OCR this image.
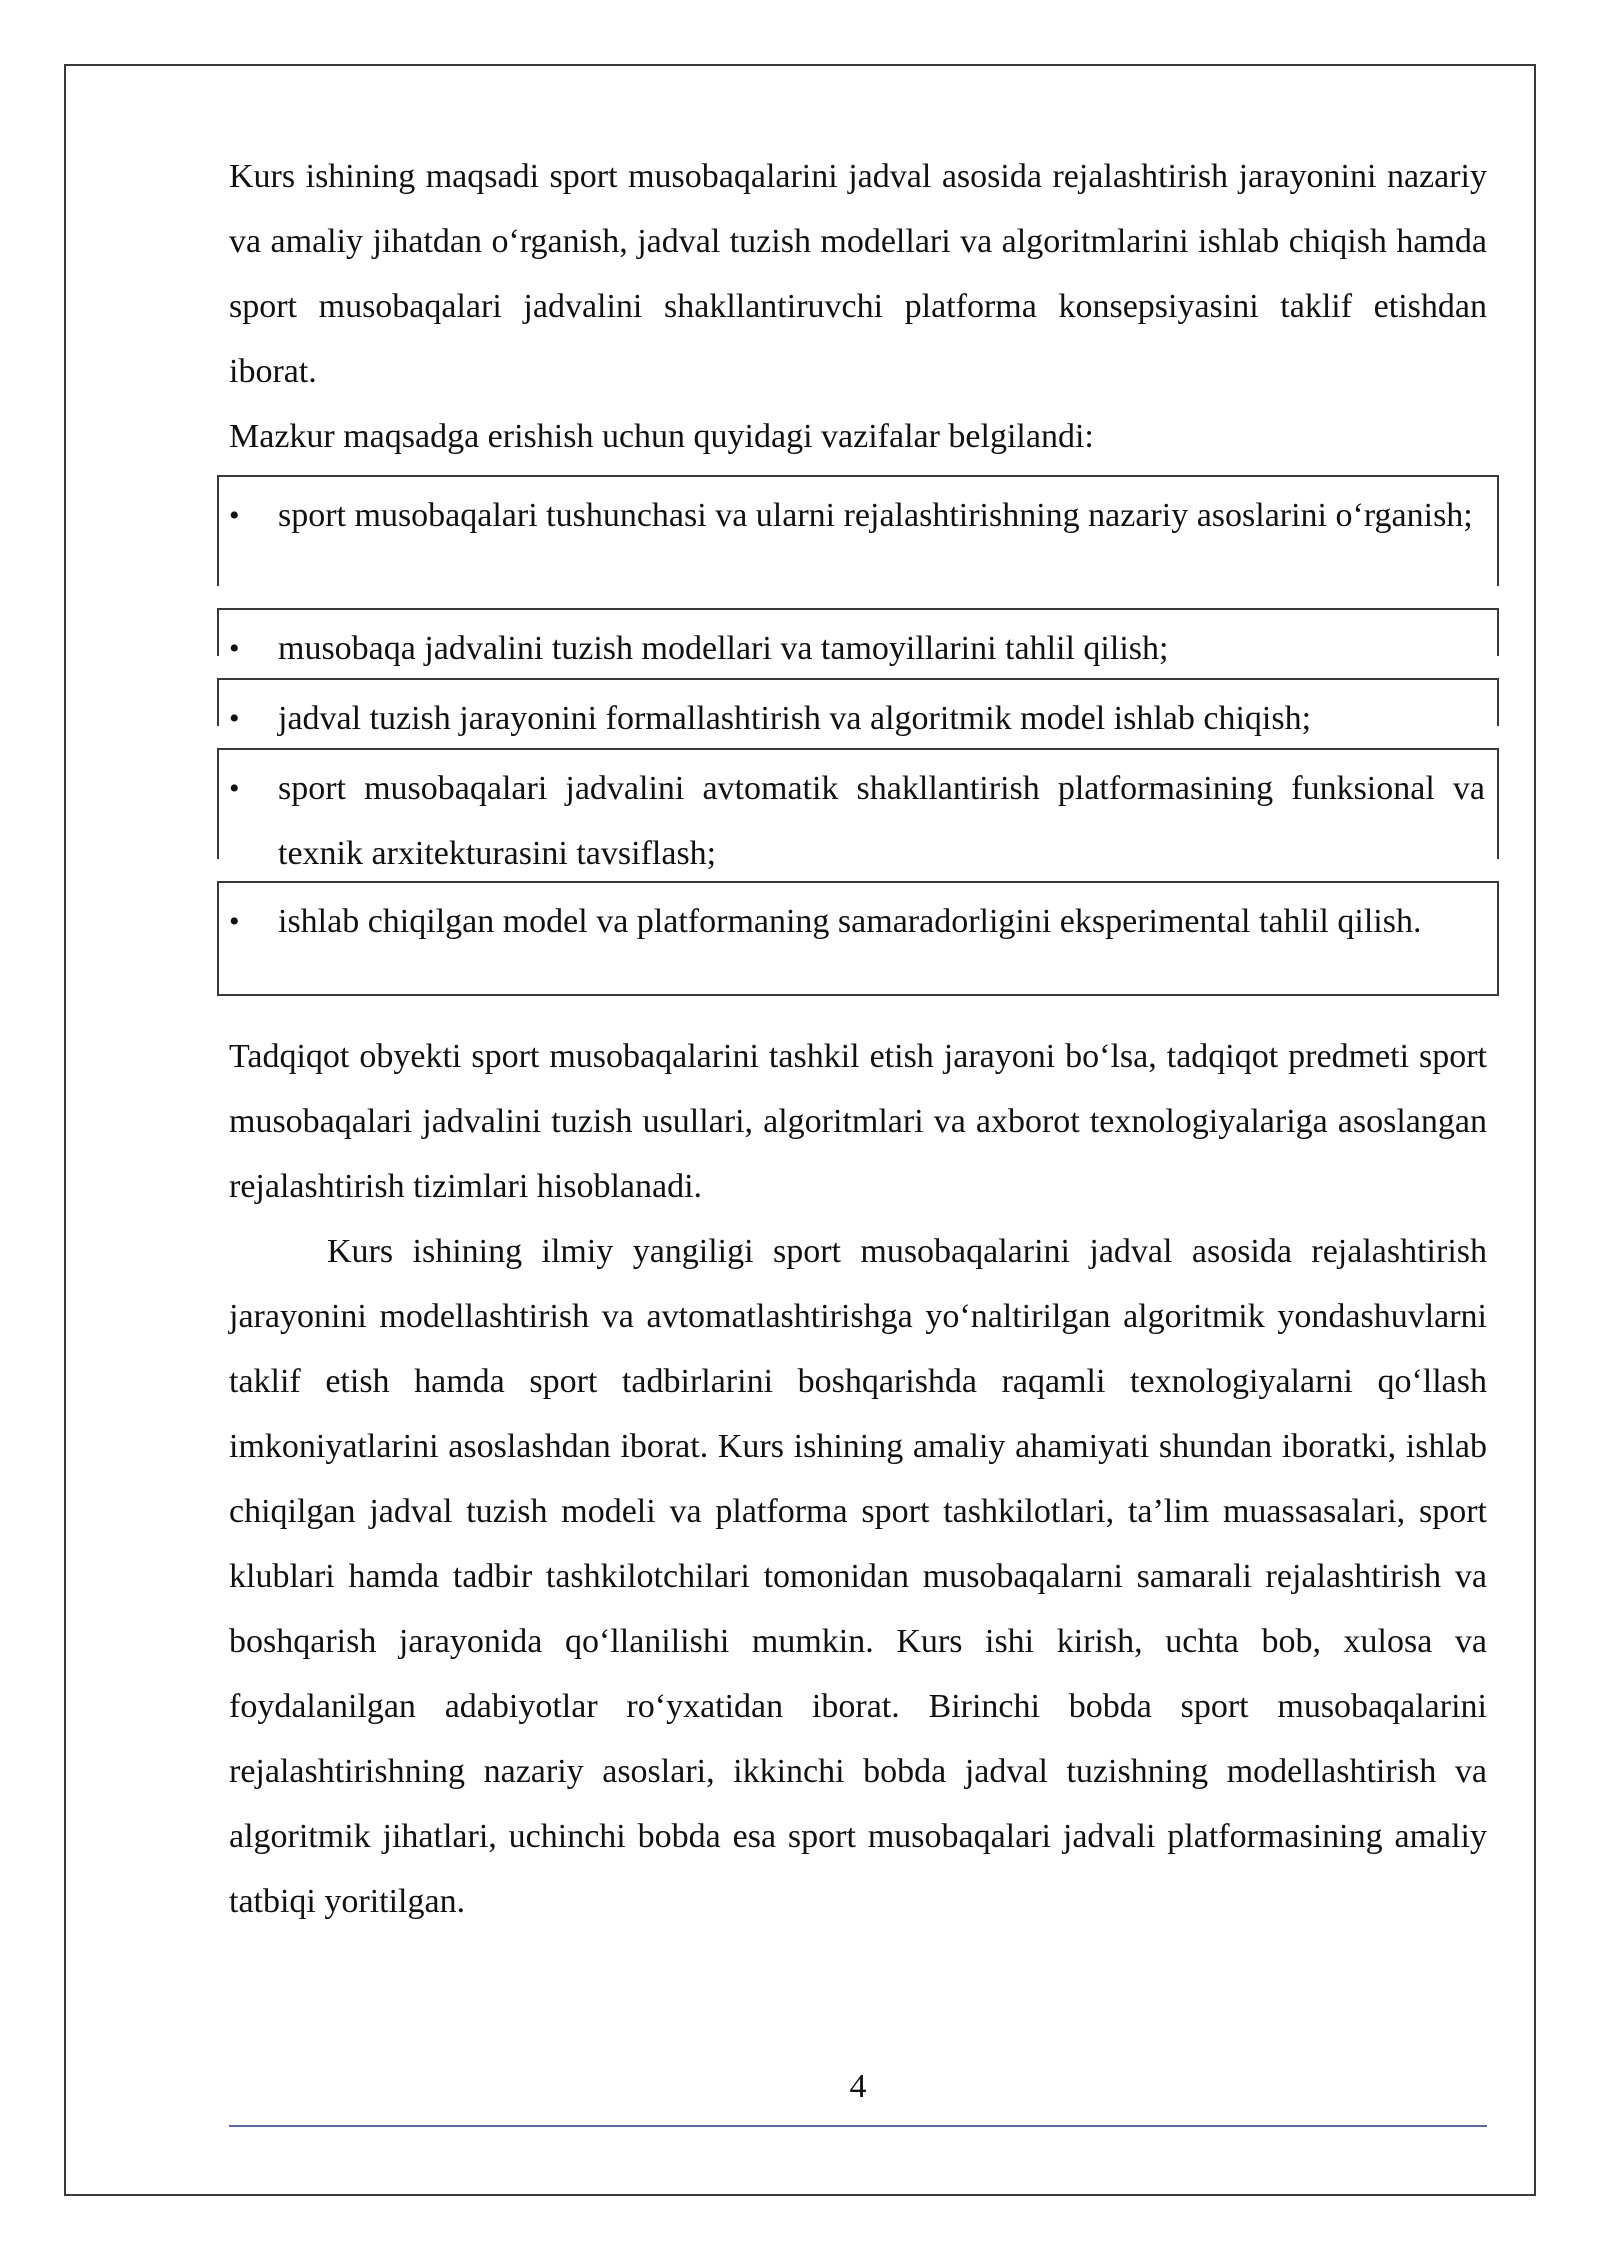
Kurs ishining maqsadi sport musobaqalarini jadval asosida rejalashtirish jarayonini nazariy va amaliy jihatdan o‘rganish, jadval tuzish modellari va algoritmlarini ishlab chiqish hamda sport musobaqalari jadvalini shakllantiruvchi platforma konsepsiyasini taklif etishdan iborat.

Mazkur maqsadga erishish uchun quyidagi vazifalar belgilandi:

• sport musobaqalari tushunchasi va ularni rejalashtirishning nazariy asoslarini o‘rganish;
• musobaqa jadvalini tuzish modellari va tamoyillarini tahlil qilish;
• jadval tuzish jarayonini formallashtirish va algoritmik model ishlab chiqish;
• sport musobaqalari jadvalini avtomatik shakllantirish platformasining funksional va texnik arxitekturasini tavsiflash;
• ishlab chiqilgan model va platformaning samaradorligini eksperimental tahlil qilish.

Tadqiqot obyekti sport musobaqalarini tashkil etish jarayoni bo‘lsa, tadqiqot predmeti sport musobaqalari jadvalini tuzish usullari, algoritmlari va axborot texnologiyalariga asoslangan rejalashtirish tizimlari hisoblanadi.

Kurs ishining ilmiy yangiligi sport musobaqalarini jadval asosida rejalashtirish jarayonini modellashtirish va avtomatlashtirishga yo‘naltirilgan algoritmik yondashuvlarni taklif etish hamda sport tadbirlarini boshqarishda raqamli texnologiyalarni qo‘llash imkoniyatlarini asoslashdan iborat. Kurs ishining amaliy ahamiyati shundan iboratki, ishlab chiqilgan jadval tuzish modeli va platforma sport tashkilotlari, ta’lim muassasalari, sport klublari hamda tadbir tashkilotchilari tomonidan musobaqalarni samarali rejalashtirish va boshqarish jarayonida qo‘llanilishi mumkin. Kurs ishi kirish, uchta bob, xulosa va foydalanilgan adabiyotlar ro‘yxatidan iborat. Birinchi bobda sport musobaqalarini rejalashtirishning nazariy asoslari, ikkinchi bobda jadval tuzishning modellashtirish va algoritmik jihatlari, uchinchi bobda esa sport musobaqalari jadvali platformasining amaliy tatbiqi yoritilgan.

4
